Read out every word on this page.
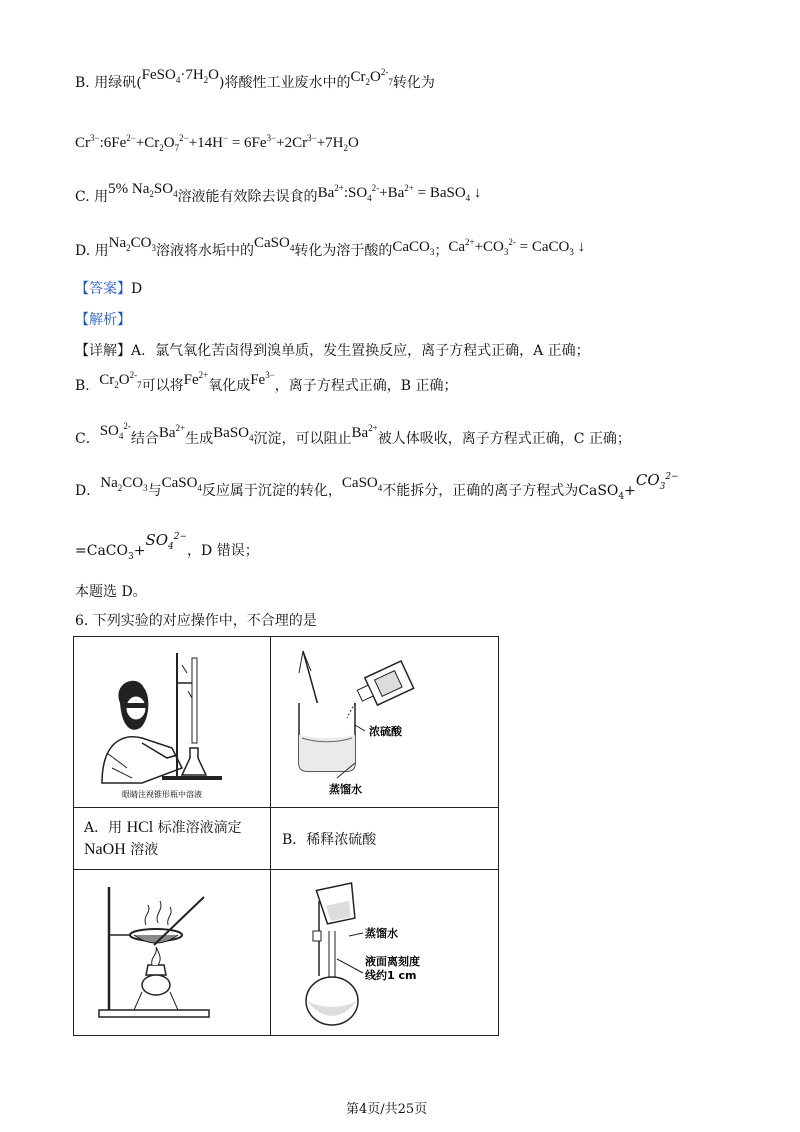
B. 用绿矾$(FeSO_4\cdot 7H_2O)$将酸性工业废水中的$Cr_2O^{2-}_7$转化为
$Cr^{3-}:6Fe^{2-}+Cr_2O_7^{2-}+14H^- = 6Fe^{3-}+2Cr^{3-}+7H_2O$
C. 用5% $Na_2SO_4$溶液能有效除去误食的$Ba^{2+}:SO_4^{2-}+Ba^{2+}$ = BaSO$_4$ ↓
D. 用$Na_2CO_3$溶液将水垢中的CaSO$_4$转化为溶于酸的CaCO$_3$；$Ca^{2+}+CO_3^{2-}$ = CaCO$_3$ ↓
【答案】D
【解析】
【详解】A．氯气氧化苦卤得到溴单质，发生置换反应，离子方程式正确，A 正确；
B．$Cr_2O^{2-}_7$可以将$Fe^{2+}$氧化成$Fe^{3-}$，离子方程式正确，B 正确；
C．$SO_4^{2-}$结合$Ba^{2+}$生成BaSO$_4$沉淀，可以阻止$Ba^{2+}$被人体吸收，离子方程式正确，C 正确；
D．$Na_2CO_3$与CaSO$_4$反应属于沉淀的转化，CaSO$_4$不能拆分，正确的离子方程式为$CaSO_4+CO_3^{2-}$
$=CaCO_3+SO_4^{2-}$，D 错误；
本题选 D。
6. 下列实验的对应操作中，不合理的是
眼睛注视锥形瓶中溶液
浓硫酸
蒸馏水
A．用 HCl 标准溶液滴定
NaOH 溶液
B．稀释浓硫酸
蒸馏水
液面离刻度
线约1 cm
第4页/共25页
